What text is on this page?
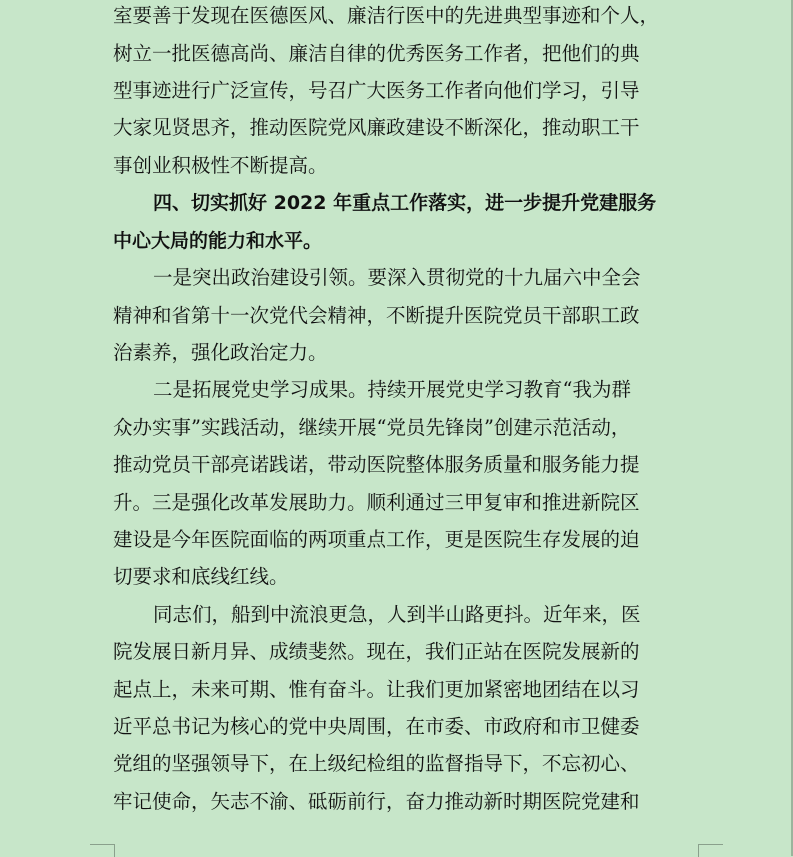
室要善于发现在医德医风、廉洁行医中的先进典型事迹和个人，
树立一批医德高尚、廉洁自律的优秀医务工作者，把他们的典
型事迹进行广泛宣传，号召广大医务工作者向他们学习，引导
大家见贤思齐，推动医院党风廉政建设不断深化，推动职工干
事创业积极性不断提高。
四、切实抓好 2022 年重点工作落实，进一步提升党建服务
中心大局的能力和水平。
一是突出政治建设引领。要深入贯彻党的十九届六中全会
精神和省第十一次党代会精神，不断提升医院党员干部职工政
治素养，强化政治定力。
二是拓展党史学习成果。持续开展党史学习教育“我为群
众办实事”实践活动，继续开展“党员先锋岗”创建示范活动，
推动党员干部亮诺践诺，带动医院整体服务质量和服务能力提
升。三是强化改革发展助力。顺利通过三甲复审和推进新院区
建设是今年医院面临的两项重点工作，更是医院生存发展的迫
切要求和底线红线。
同志们，船到中流浪更急，人到半山路更抖。近年来，医
院发展日新月异、成绩斐然。现在，我们正站在医院发展新的
起点上，未来可期、惟有奋斗。让我们更加紧密地团结在以习
近平总书记为核心的党中央周围，在市委、市政府和市卫健委
党组的坚强领导下，在上级纪检组的监督指导下，不忘初心、
牢记使命，矢志不渝、砥砺前行，奋力推动新时期医院党建和
